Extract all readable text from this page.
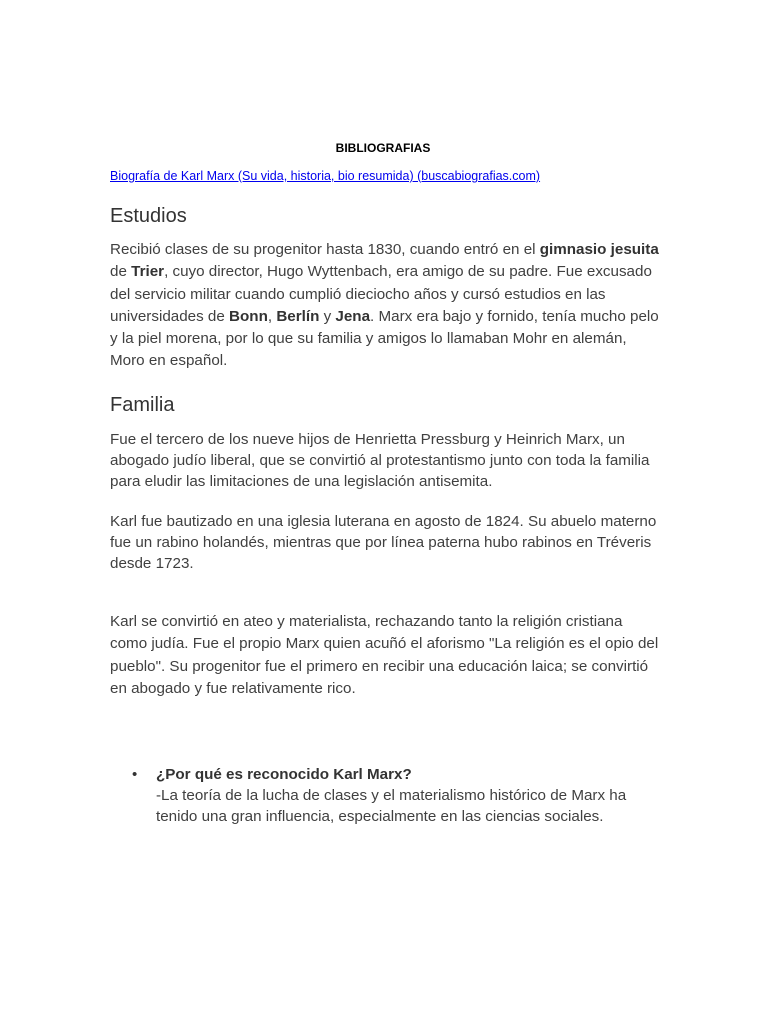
BIBLIOGRAFIAS
Biografía de Karl Marx (Su vida, historia, bio resumida) (buscabiografias.com)
Estudios

Recibió clases de su progenitor hasta 1830, cuando entró en el gimnasio jesuita de Trier, cuyo director, Hugo Wyttenbach, era amigo de su padre. Fue excusado del servicio militar cuando cumplió dieciocho años y cursó estudios en las universidades de Bonn, Berlín y Jena. Marx era bajo y fornido, tenía mucho pelo y la piel morena, por lo que su familia y amigos lo llamaban Mohr en alemán, Moro en español.

Familia

Fue el tercero de los nueve hijos de Henrietta Pressburg y Heinrich Marx, un abogado judío liberal, que se convirtió al protestantismo junto con toda la familia para eludir las limitaciones de una legislación antisemita.

Karl fue bautizado en una iglesia luterana en agosto de 1824. Su abuelo materno fue un rabino holandés, mientras que por línea paterna hubo rabinos en Tréveris desde 1723.

Karl se convirtió en ateo y materialista, rechazando tanto la religión cristiana como judía. Fue el propio Marx quien acuñó el aforismo "La religión es el opio del pueblo". Su progenitor fue el primero en recibir una educación laica; se convirtió en abogado y fue relativamente rico.

• ¿Por qué es reconocido Karl Marx?
-La teoría de la lucha de clases y el materialismo histórico de Marx ha tenido una gran influencia, especialmente en las ciencias sociales.
